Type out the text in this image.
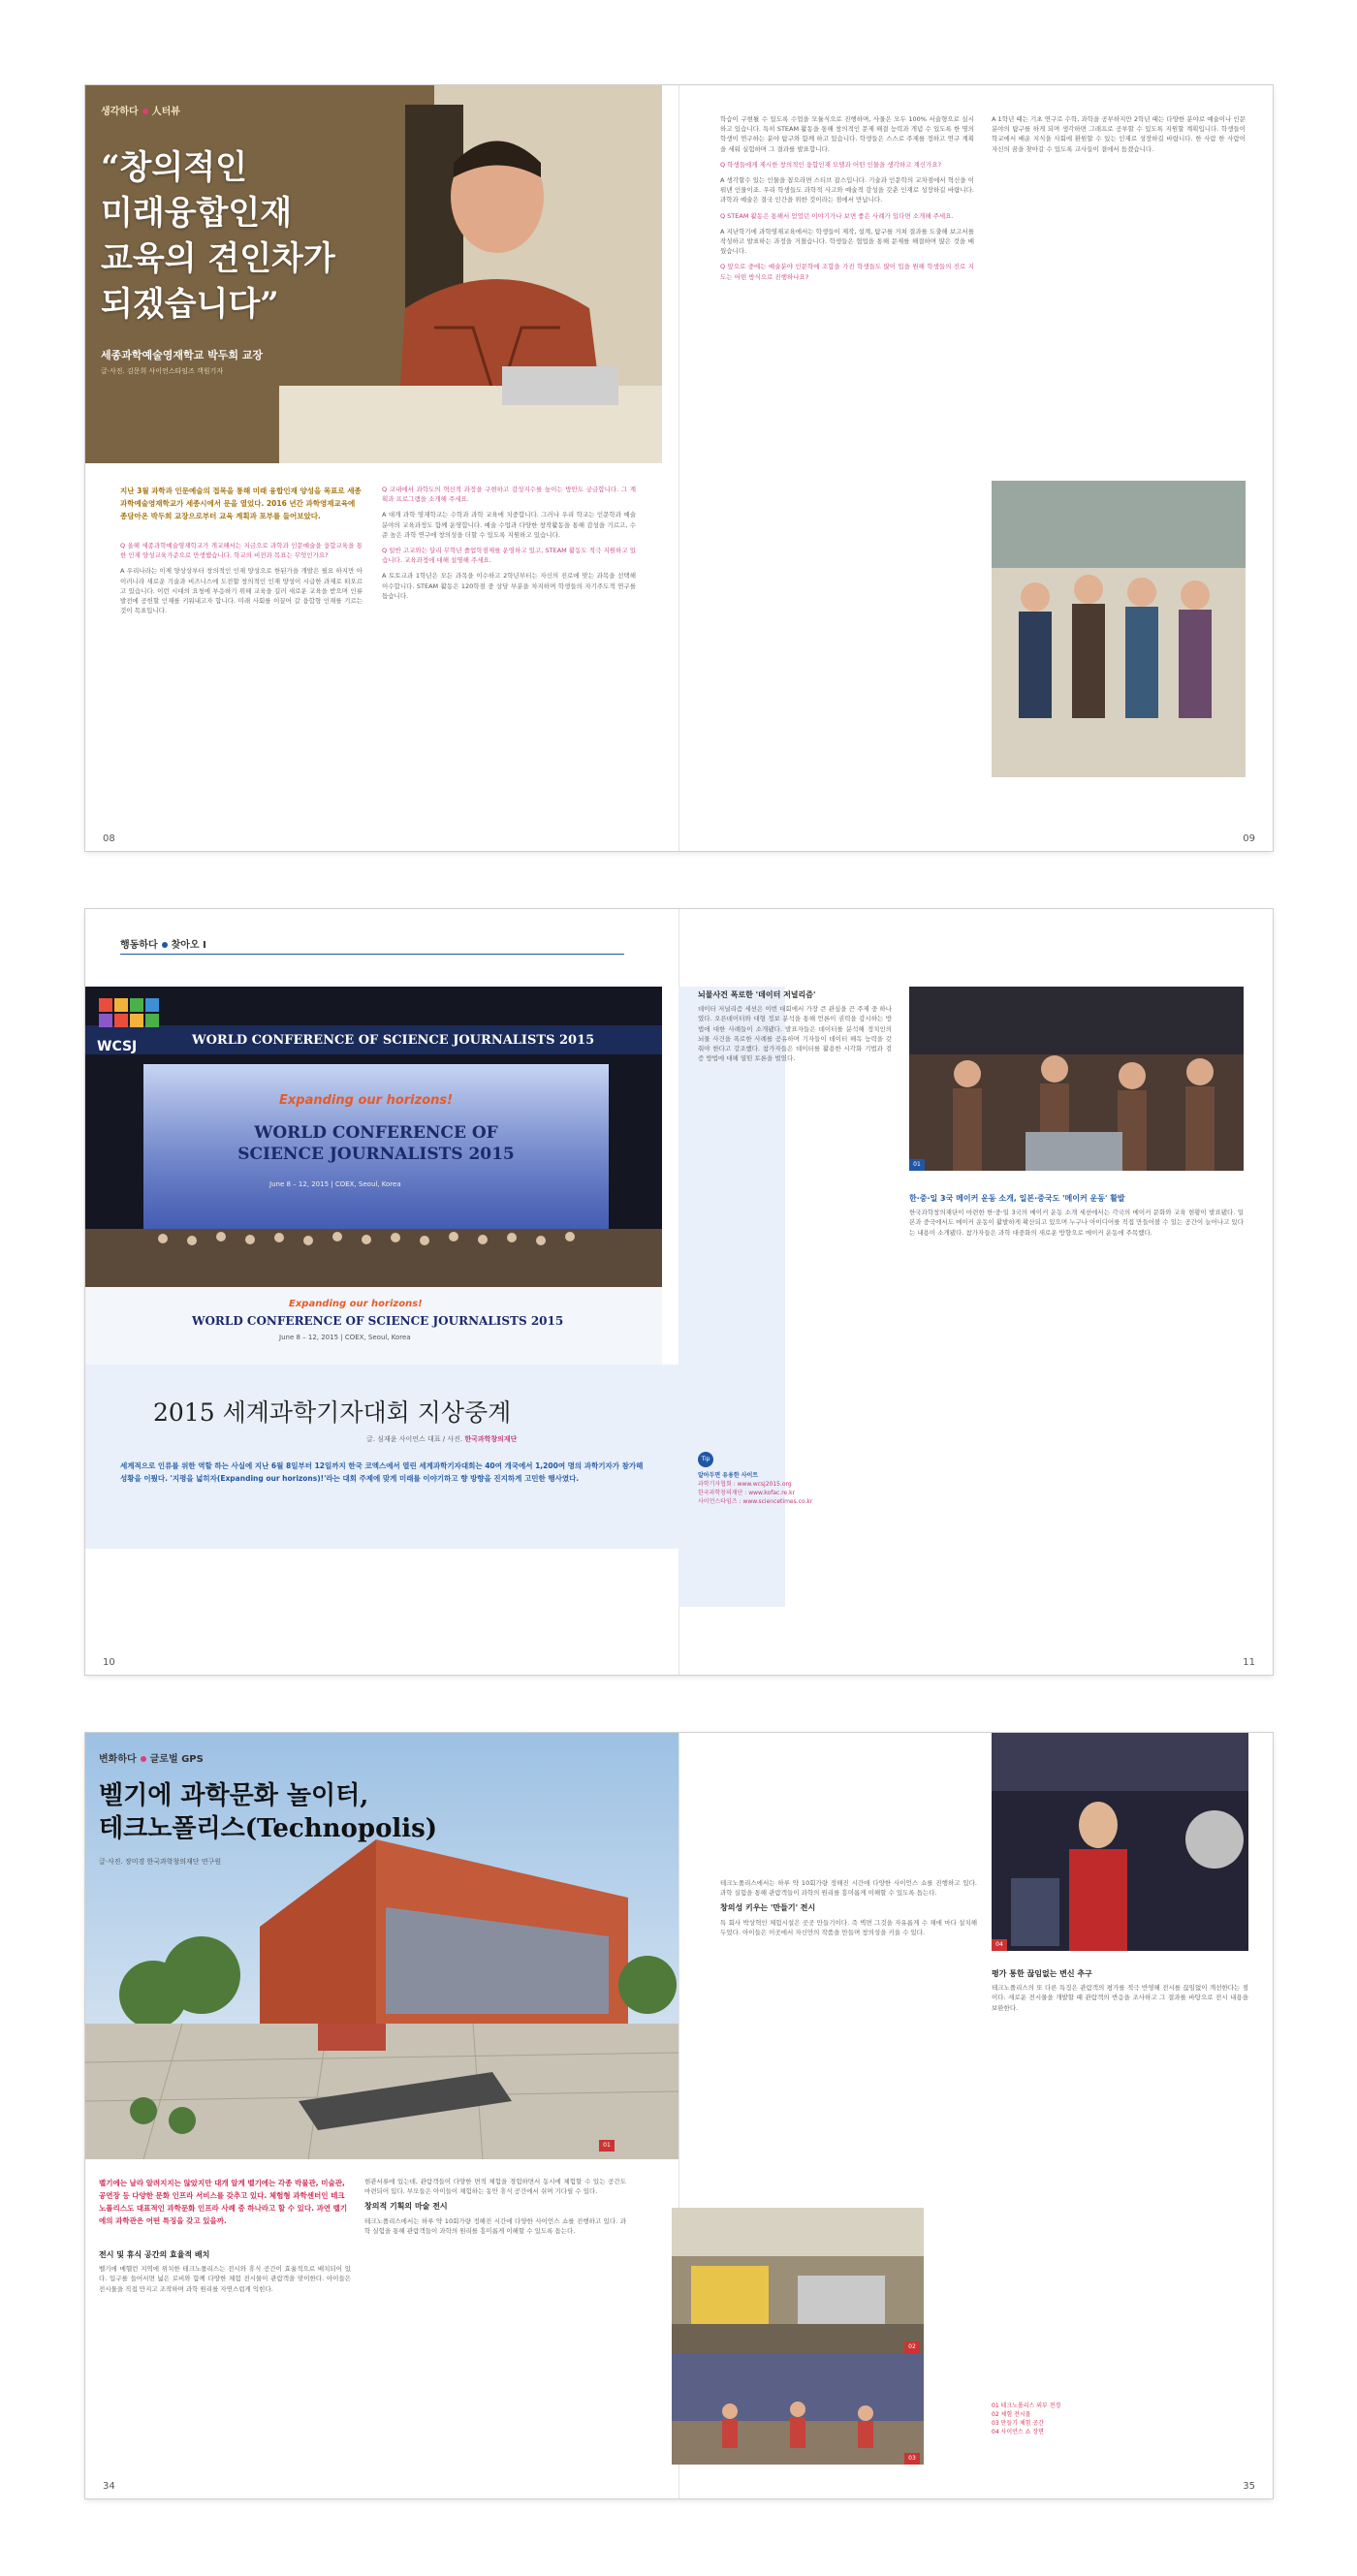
생각하다 人터뷰
“창의적인
미래융합인재
교육의 견인차가
되겠습니다”
세종과학예술영재학교 박두희 교장
글·사진. 김문희 사이언스타임즈 객원기자
지난 3월 과학과 인문예술의 접목을 통해 미래 융합인재 양성을 목표로 세종과학예술영재학교가 세종시에서 문을 열었다. 2016 년간 과학영재교육에 종담아온 박두희 교장으로부터 교육 계획과 포부를 들어보았다.

Q 올해 세종과학예술영재학교가 개교해서는 지금으로 과학과 인문예술을 융합교육을 통한 인재 양성교육가준으로 만생했습니다. 학교의 비전과 목표는 무엇인가요?

A 우리나라는 이제 양상상부터 창의적인 인재 양성으로 한된가을 개발은 필요 하지만 아이러니라 새로운 기술과 비즈니스에 도전할 창의적인 인재 양성이 시급한 과제로 떠오르고 있습니다. 이런 시대의 요청에 부응하기 위해 교육을 길러 새로운 교육을 받으며 인류 발전에 공헌할 인재를 키워내고자 합니다. 미래 사회를 이끌어 갈 융합형 인재를 기르는 것이 목표입니다.

Q 교내에서 과학도의 혁신적 과정을 구현하고 감성지수를 높이는 방안도 궁금합니다. 그 계획과 프로그램을 소개해 주세요.

A 대개 과학 영재학교는 수학과 과학 교육에 치중합니다. 그러나 우리 학교는 인문학과 예술 분야의 교육과정도 함께 운영합니다. 예술 수업과 다양한 창작활동을 통해 감성을 기르고, 수준 높은 과학 연구에 창의성을 더할 수 있도록 지원하고 있습니다.

Q 일반 고교와는 달리 무학년 졸업학점제를 운영하고 있고, STEAM 활동도 적극 지원하고 있습니다. 교육과정에 대해 설명해 주세요.

A 토토교과 1학년은 모든 과목을 이수하고 2학년부터는 자신의 진로에 맞는 과목을 선택해 이수합니다. STEAM 활동은 120학점 중 상당 부분을 차지하며 학생들의 자기주도적 연구를 돕습니다.

학습이 구현될 수 있도록 수업을 모듈식으로 진행하며, 사물은 모두 100% 서술형으로 실시하고 있습니다. 특히 STEAM 활동을 통해 창의적인 문제 해결 능력과 개념 수 있도록 한 명의 학생이 연구하는 분야 탐구와 함께 하고 있습니다. 학생들은 스스로 주제를 정하고 연구 계획을 세워 실험하며 그 결과를 발표합니다.

Q 학생들에게 제시한 창의적인 융합인재 모델과 어떤 인물을 생각하고 계신가요?

A 생각할수 있는 인물을 꼽으라면 스티브 잡스입니다. 기술과 인문학의 교차점에서 혁신을 이뤄낸 인물이죠. 우리 학생들도 과학적 사고와 예술적 감성을 갖춘 인재로 성장하길 바랍니다. 과학과 예술은 결국 인간을 위한 것이라는 점에서 만납니다.

Q STEAM 활동은 통해서 얻었던 이야기가나 보면 좋은 사례가 있다면 소개해 주세요.

A 지난학기에 과학영재교육에서는 학생들이 제작, 설계, 탐구를 거쳐 결과를 도출해 보고서를 작성하고 발표하는 과정을 거쳤습니다. 학생들은 협업을 통해 문제를 해결하며 많은 것을 배웠습니다.

Q 앞으로 중에는 예술분야 인문학에 조합을 가진 학생들도 많이 입을 원해 학생들의 진로 지도는 어떤 방식으로 진행하나요?

A 1학년 때는 기초 연구로 수학, 과학을 공부하지만 2학년 때는 다양한 분야로 예술이나 인문분야의 탐구를 하게 되며 생각하면 그래프로 공부할 수 있도록 지원할 계획입니다. 학생들이 학교에서 배운 지식을 사회에 환원할 수 있는 인재로 성장하길 바랍니다. 한 사람 한 사람이 자신의 꿈을 찾아갈 수 있도록 교사들이 곁에서 돕겠습니다.

08	09
행동하다 찾아오 I
WCSJ	WORLD CONFERENCE OF SCIENCE JOURNALISTS 2015
Expanding our horizons!
WORLD CONFERENCE OF SCIENCE JOURNALISTS 2015
June 8 – 12, 2015 | COEX, Seoul, Korea
Expanding our horizons!
WORLD CONFERENCE OF SCIENCE JOURNALISTS 2015
June 8 – 12, 2015 | COEX, Seoul, Korea
2015 세계과학기자대회 지상중계
글. 심재윤 사이언스 대표 / 사진. 한국과학창의재단
세계적으로 인류를 위한 역할 하는 사실에 지난 6월 8일부터 12일까지 한국 코엑스에서 열린 세계과학기자대회는 40여 개국에서 1,200여 명의 과학기자가 참가해 성황을 이뤘다. '지평을 넓히자(Expanding our horizons)!'라는 대회 주제에 맞게 미래를 이야기하고 향 방향을 진지하게 고민한 행사였다.
뇌물사건 폭로한 '데이터 저널리즘'

데이터 저널리즘 세션은 이번 대회에서 가장 큰 관심을 끈 주제 중 하나였다. 오픈데이터와 대형 정보 분석을 통해 언론이 권력을 감시하는 방법에 대한 사례들이 소개됐다. 발표자들은 데이터를 분석해 정치인의 뇌물 사건을 폭로한 사례를 공유하며 기자들이 데이터 해독 능력을 갖춰야 한다고 강조했다. 참가자들은 데이터를 활용한 시각화 기법과 검증 방법에 대해 열띤 토론을 벌였다.

01
한·중·일 3국 메이커 운동 소개, 일본·중국도 '메이커 운동' 활발

한국과학창의재단이 마련한 한·중·일 3국의 메이커 운동 소개 세션에서는 각국의 메이커 문화와 교육 현황이 발표됐다. 일본과 중국에서도 메이커 운동이 활발하게 확산되고 있으며 누구나 아이디어를 직접 만들어볼 수 있는 공간이 늘어나고 있다는 내용이 소개됐다. 참가자들은 과학 대중화의 새로운 방향으로 메이커 운동에 주목했다.

Tip
알아두면 유용한 사이트
과학기자협회 : www.wcsj2015.org
한국과학창의재단 : www.kofac.re.kr
사이언스타임즈 : www.sciencetimes.co.kr
10	11
변화하다 글로벌 GPS
벨기에 과학문화 놀이터,
테크노폴리스(Technopolis)
글·사진. 장미경 한국과학창의재단 연구원
01
벨기에는 날라 알려지지는 않았지만 대개 알게 벨기에는 각종 박물관, 미술관, 공연장 등 다양한 문화 인프라 서비스를 갖추고 있다. 체험형 과학센터인 테크노폴리스도 대표적인 과학문화 인프라 사례 중 하나라고 할 수 있다. 과연 벨기에의 과학관은 어떤 특징을 갖고 있을까.
전시 및 휴식 공간의 효율적 배치

벨기에 메헬런 지역에 위치한 테크노폴리스는 전시와 휴식 공간이 효율적으로 배치되어 있다. 입구를 들어서면 넓은 로비와 함께 다양한 체험 전시물이 관람객을 맞이한다. 아이들은 전시물을 직접 만지고 조작하며 과학 원리를 자연스럽게 익힌다.

현관서류에 있는데, 관람객들이 다양한 면적 체험을 경험하면서 동시에 체험할 수 있는 공간도 마련되어 있다. 부모들은 아이들이 체험하는 동안 휴식 공간에서 쉬며 기다릴 수 있다.

창의적 기획의 마술 전시

테크노폴리스에서는 하루 약 10회가량 정해진 시간에 다양한 사이언스 쇼를 진행하고 있다. 과학 실험을 통해 관람객들이 과학의 원리를 흥미롭게 이해할 수 있도록 돕는다.

테크노폴리스에서는 하루 약 10회가량 정해진 시간에 다양한 사이언스 쇼를 진행하고 있다. 과학 실험을 통해 관람객들이 과학의 원리를 흥미롭게 이해할 수 있도록 돕는다.

창의성 키우는 '만들기' 전시

특 회사 박상혁인 체험시설은 곳곳 만들기이다. 즉 벽면 그것을 자유롭게 수 채에 마다 설치해 두었다. 아이들은 이곳에서 자신만의 작품을 만들며 창의성을 키울 수 있다.

02
03
04
평가 통한 끊임없는 변신 추구

테크노폴리스의 또 다른 특징은 관람객의 평가를 적극 반영해 전시를 끊임없이 개선한다는 점이다. 새로운 전시물을 개발할 때 관람객의 반응을 조사하고 그 결과를 바탕으로 전시 내용을 보완한다.

01 테크노폴리스 외부 전경
02 체험 전시물
03 만들기 체험 공간
04 사이언스 쇼 장면
34	35
